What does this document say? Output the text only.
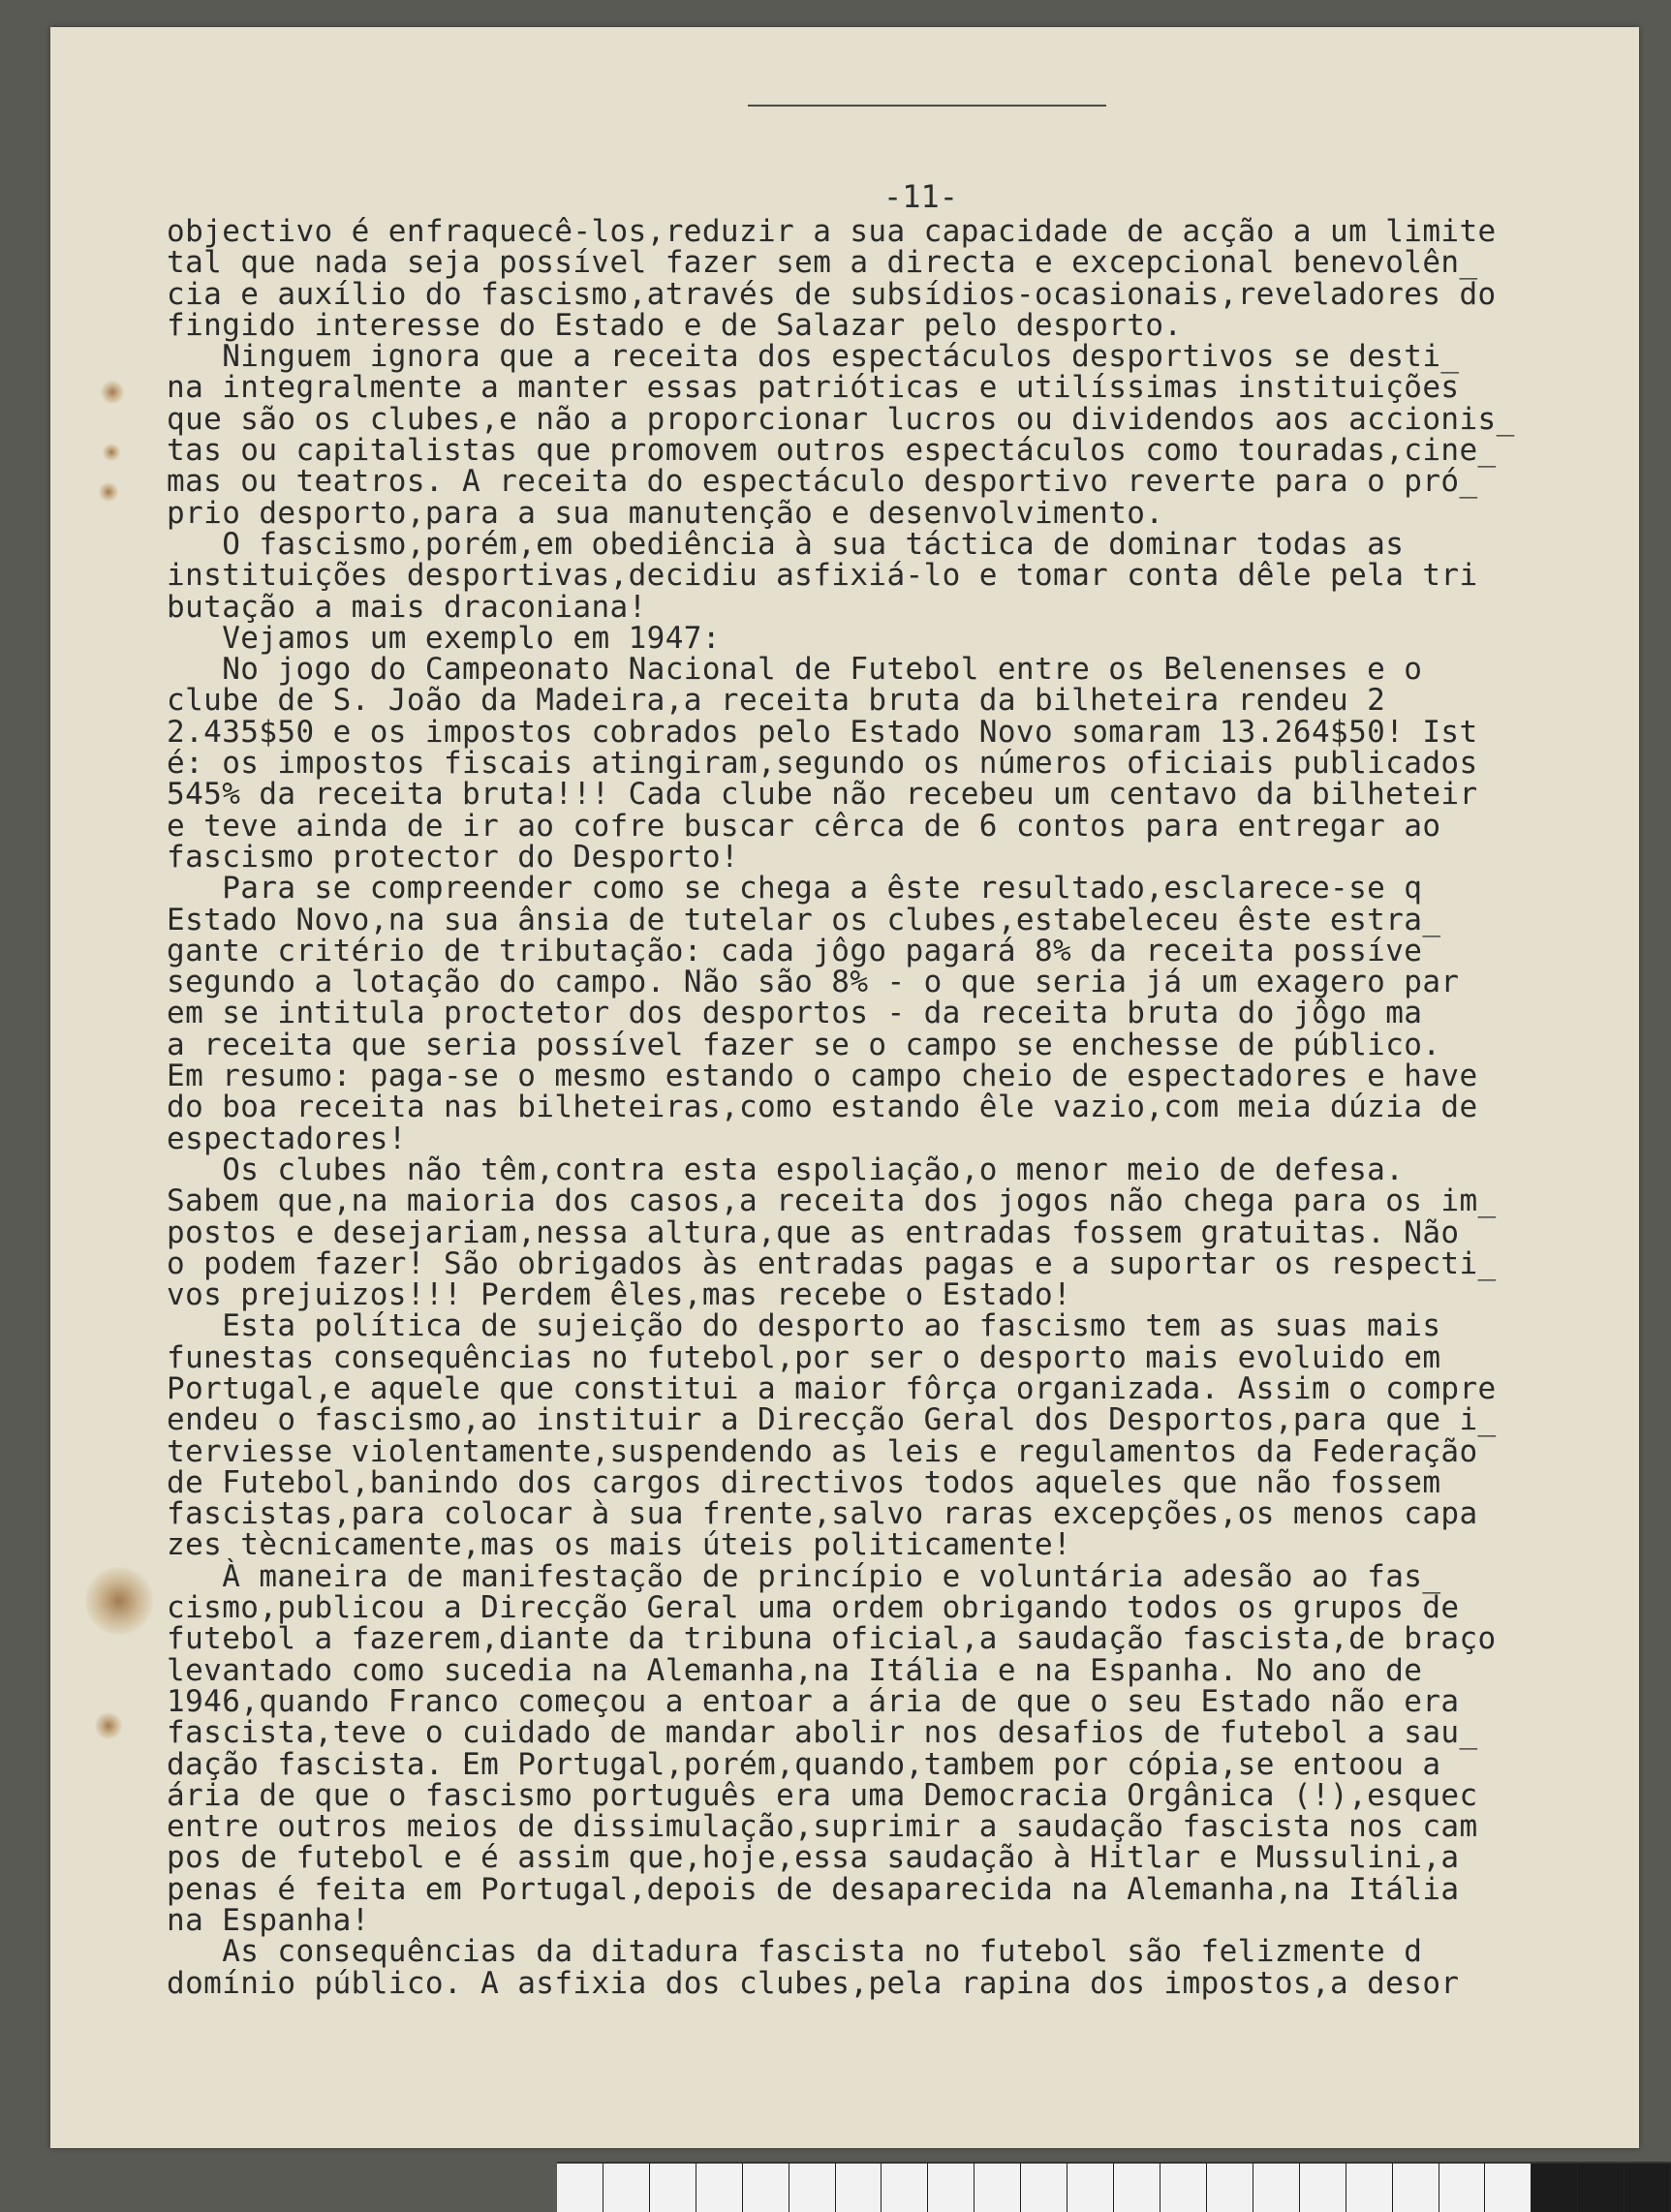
-11-
objectivo é enfraquecê-los,reduzir a sua capacidade de acção a um limite
tal que nada seja possível fazer sem a directa e excepcional benevolên_
cia e auxílio do fascismo,através de subsídios-ocasionais,reveladores do
fingido interesse do Estado e de Salazar pelo desporto.
Ninguem ignora que a receita dos espectáculos desportivos se desti_
na integralmente a manter essas patrióticas e utilíssimas instituições
que são os clubes,e não a proporcionar lucros ou dividendos aos accionis_
tas ou capitalistas que promovem outros espectáculos como touradas,cine_
mas ou teatros. A receita do espectáculo desportivo reverte para o pró_
prio desporto,para a sua manutenção e desenvolvimento.
O fascismo,porém,em obediência à sua táctica de dominar todas as
instituições desportivas,decidiu asfixiá-lo e tomar conta dêle pela tri
butação a mais draconiana!
Vejamos um exemplo em 1947:
No jogo do Campeonato Nacional de Futebol entre os Belenenses e o
clube de S. João da Madeira,a receita bruta da bilheteira rendeu 2
2.435$50 e os impostos cobrados pelo Estado Novo somaram 13.264$50! Ist
é: os impostos fiscais atingiram,segundo os números oficiais publicados
545% da receita bruta!!! Cada clube não recebeu um centavo da bilheteir
e teve ainda de ir ao cofre buscar cêrca de 6 contos para entregar ao
fascismo protector do Desporto!
Para se compreender como se chega a êste resultado,esclarece-se q
Estado Novo,na sua ânsia de tutelar os clubes,estabeleceu êste estra_
gante critério de tributação: cada jôgo pagará 8% da receita possíve
segundo a lotação do campo. Não são 8% - o que seria já um exagero par
em se intitula proctetor dos desportos - da receita bruta do jôgo ma
a receita que seria possível fazer se o campo se enchesse de público.
Em resumo: paga-se o mesmo estando o campo cheio de espectadores e have
do boa receita nas bilheteiras,como estando êle vazio,com meia dúzia de
espectadores!
Os clubes não têm,contra esta espoliação,o menor meio de defesa.
Sabem que,na maioria dos casos,a receita dos jogos não chega para os im_
postos e desejariam,nessa altura,que as entradas fossem gratuitas. Não
o podem fazer! São obrigados às entradas pagas e a suportar os respecti_
vos prejuizos!!! Perdem êles,mas recebe o Estado!
Esta política de sujeição do desporto ao fascismo tem as suas mais
funestas consequências no futebol,por ser o desporto mais evoluido em
Portugal,e aquele que constitui a maior fôrça organizada. Assim o compre
endeu o fascismo,ao instituir a Direcção Geral dos Desportos,para que i_
terviesse violentamente,suspendendo as leis e regulamentos da Federação
de Futebol,banindo dos cargos directivos todos aqueles que não fossem
fascistas,para colocar à sua frente,salvo raras excepções,os menos capa
zes tècnicamente,mas os mais úteis politicamente!
À maneira de manifestação de princípio e voluntária adesão ao fas_
cismo,publicou a Direcção Geral uma ordem obrigando todos os grupos de
futebol a fazerem,diante da tribuna oficial,a saudação fascista,de braço
levantado como sucedia na Alemanha,na Itália e na Espanha. No ano de
1946,quando Franco começou a entoar a ária de que o seu Estado não era
fascista,teve o cuidado de mandar abolir nos desafios de futebol a sau_
dação fascista. Em Portugal,porém,quando,tambem por cópia,se entoou a
ária de que o fascismo português era uma Democracia Orgânica (!),esquec
entre outros meios de dissimulação,suprimir a saudação fascista nos cam
pos de futebol e é assim que,hoje,essa saudação à Hitlar e Mussulini,a
penas é feita em Portugal,depois de desaparecida na Alemanha,na Itália
na Espanha!
As consequências da ditadura fascista no futebol são felizmente d
domínio público. A asfixia dos clubes,pela rapina dos impostos,a desor
